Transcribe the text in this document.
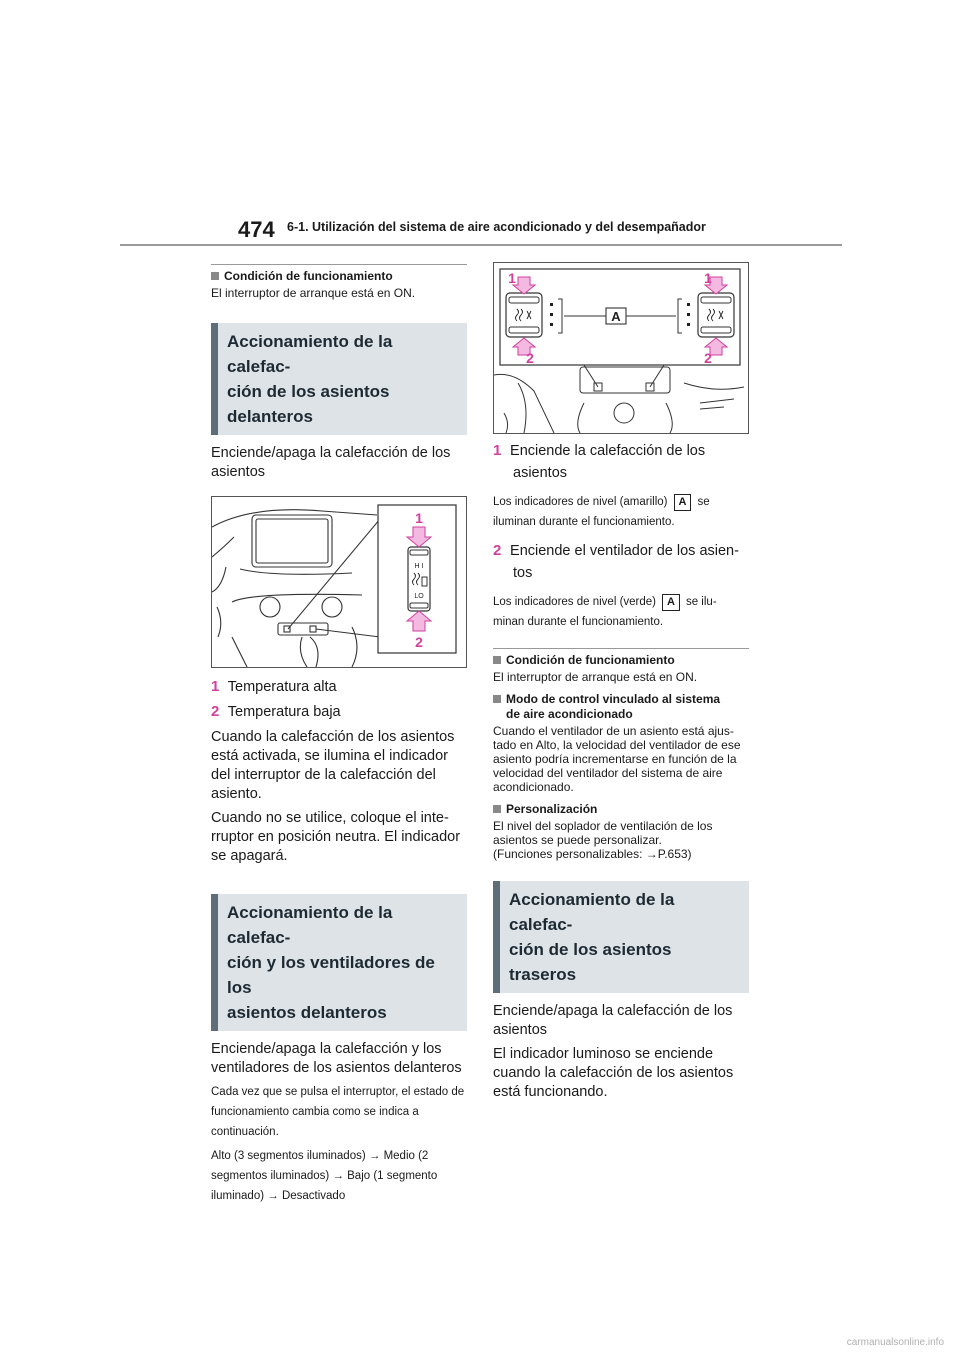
474 6-1. Utilización del sistema de aire acondicionado y del desempañador
Condición de funcionamiento
El interruptor de arranque está en ON.
Accionamiento de la calefac-
ción de los asientos delanteros

Enciende/apaga la calefacción de los asientos

H I
LO
1
2
1 Temperatura alta
2 Temperatura baja

Cuando la calefacción de los asientos está activada, se ilumina el indicador del interruptor de la calefacción del asiento.

Cuando no se utilice, coloque el inte-rruptor en posición neutra. El indicador se apagará.

Accionamiento de la calefac-
ción y los ventiladores de los
asientos delanteros

Enciende/apaga la calefacción y los ventiladores de los asientos delanteros

Cada vez que se pulsa el interruptor, el estado de funcionamiento cambia como se indica a continuación.

Alto (3 segmentos iluminados) → Medio (2 segmentos iluminados) → Bajo (1 segmento iluminado) → Desactivado

A
1	1
2	2
1 Enciende la calefacción de los
asientos

Los indicadores de nivel (amarillo) A se

iluminan durante el funcionamiento.

2 Enciende el ventilador de los asien-
tos

Los indicadores de nivel (verde) A se ilu-

minan durante el funcionamiento.

Condición de funcionamiento
El interruptor de arranque está en ON.
Modo de control vinculado al sistema
de aire acondicionado
Cuando el ventilador de un asiento está ajus-tado en Alto, la velocidad del ventilador de ese asiento podría incrementarse en función de la velocidad del ventilador del sistema de aire acondicionado.
Personalización
El nivel del soplador de ventilación de los asientos se puede personalizar.
(Funciones personalizables: →P.653)
Accionamiento de la calefac-
ción de los asientos traseros

Enciende/apaga la calefacción de los asientos

El indicador luminoso se enciende cuando la calefacción de los asientos está funcionando.

carmanualsonline.info
